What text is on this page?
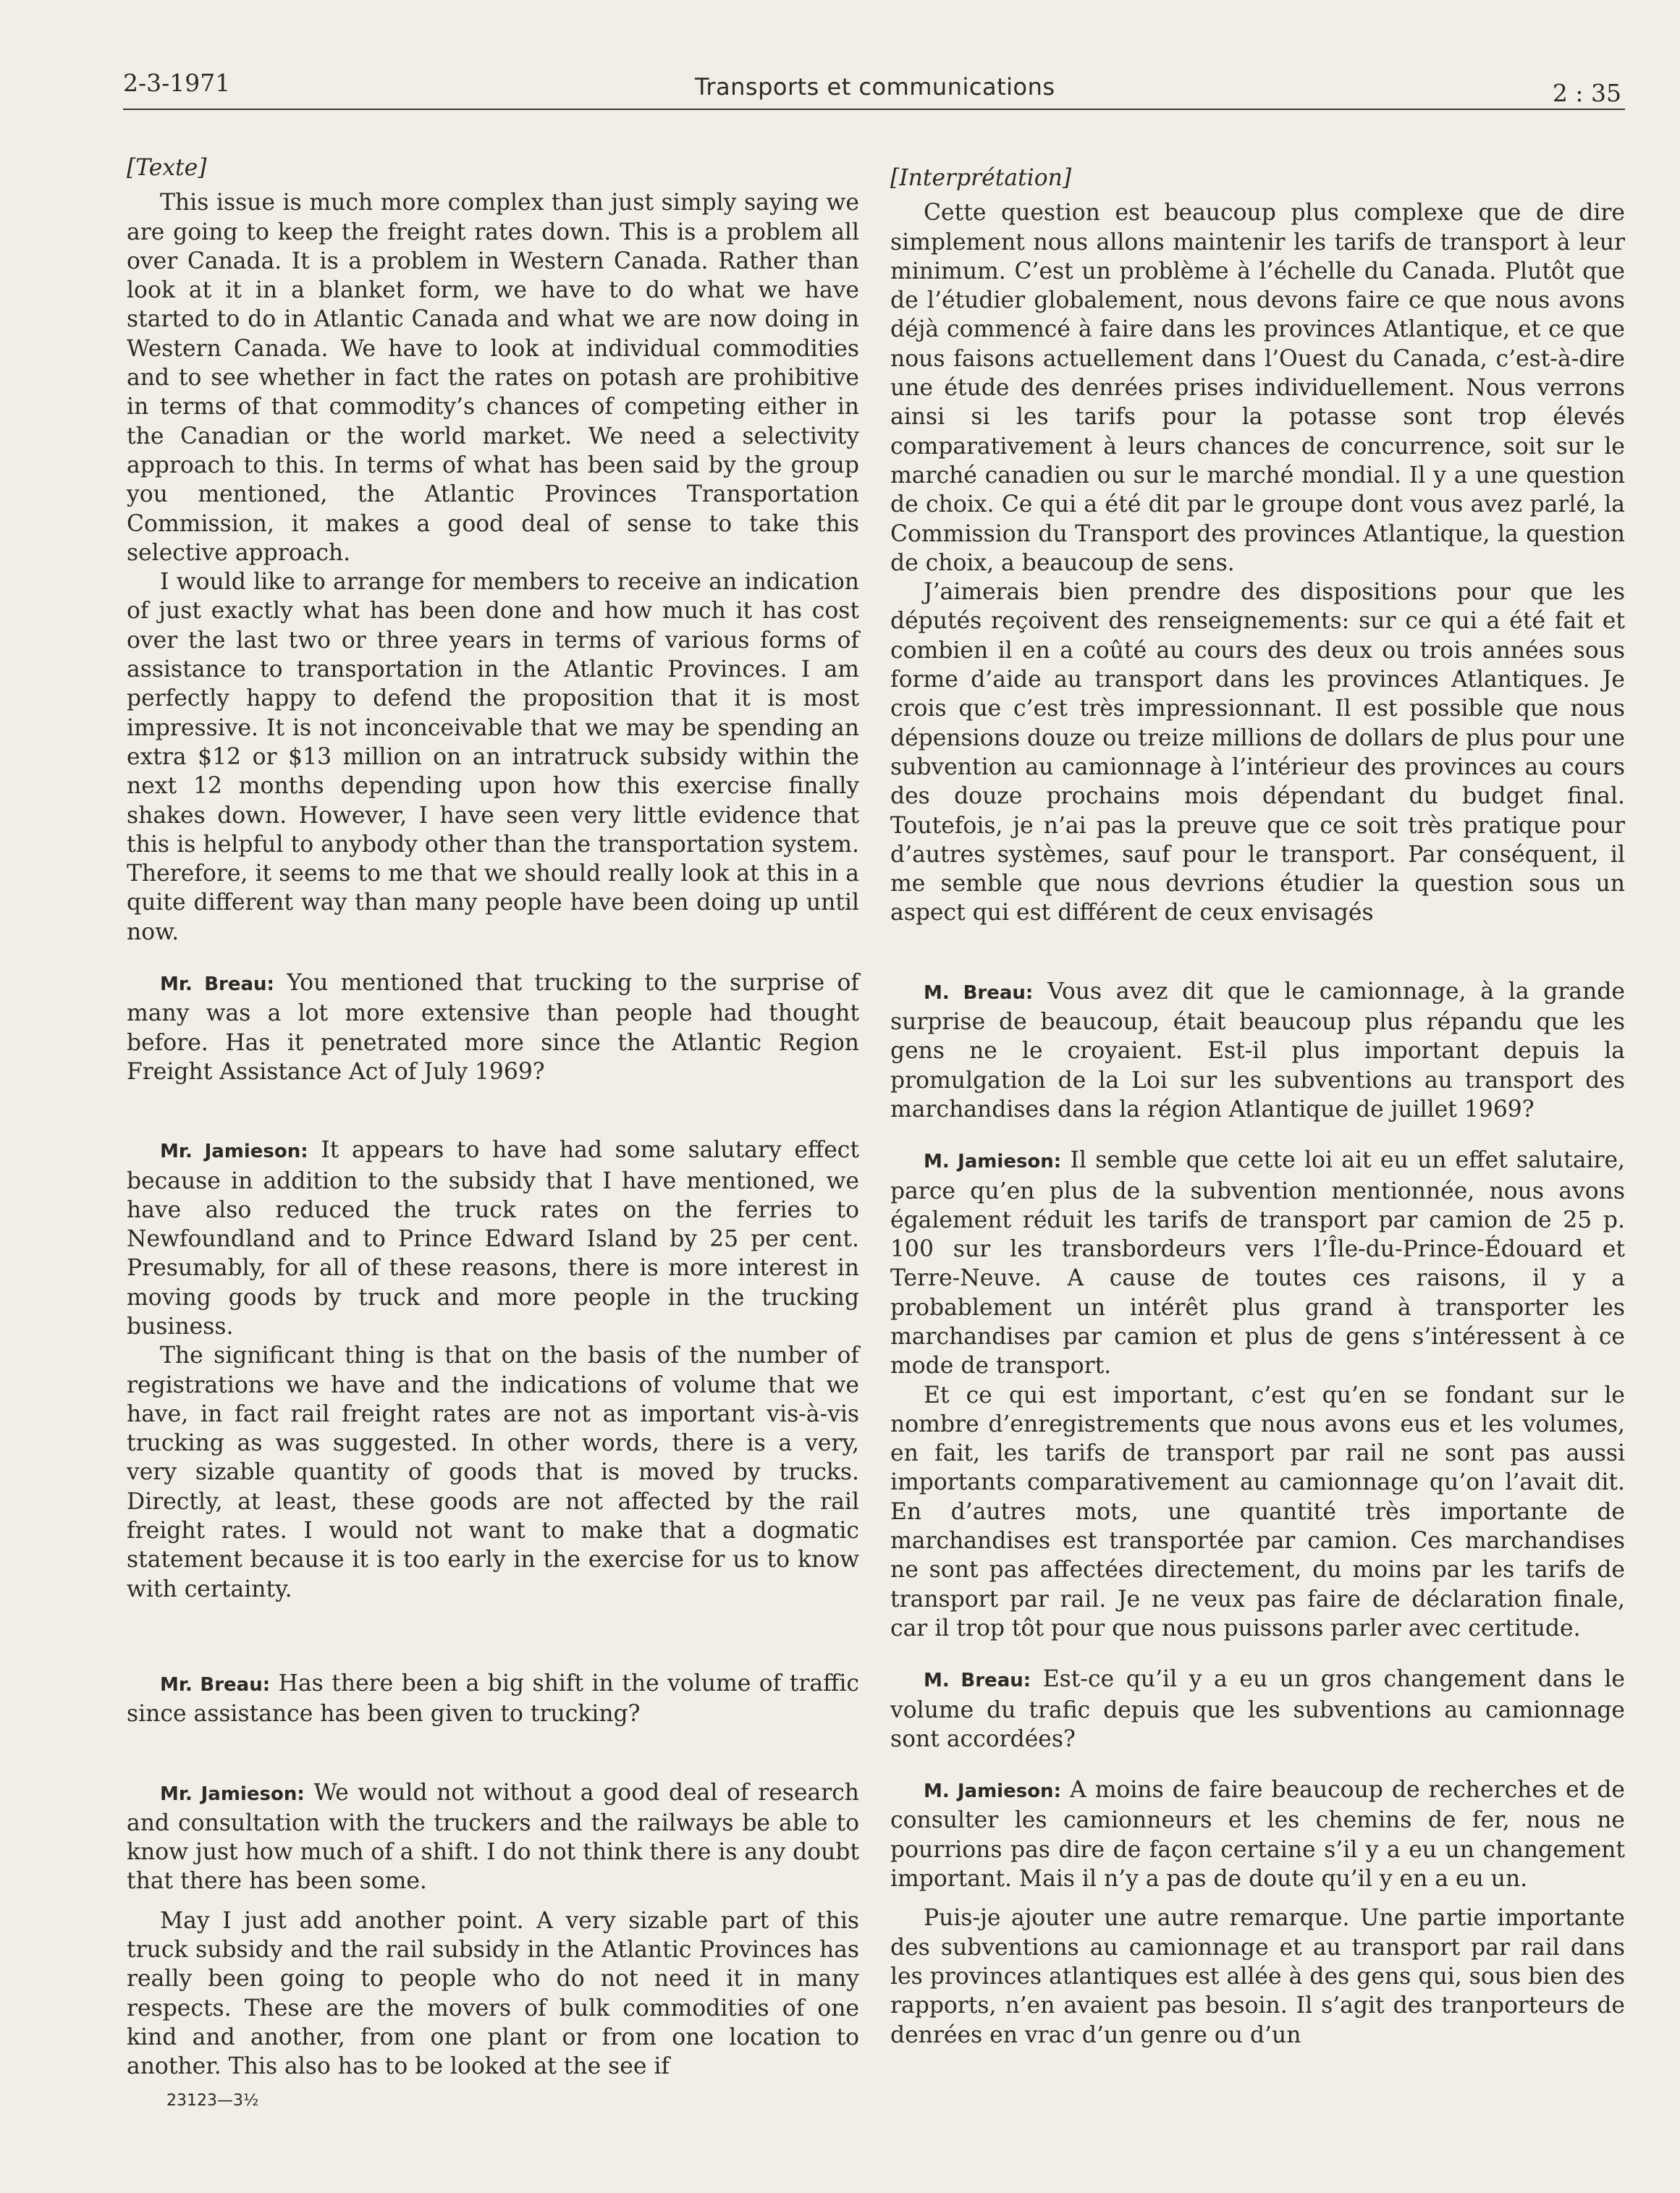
2-3-1971	Transports et communications	2 : 35

[Texte]

This issue is much more complex than just simply saying we are going to keep the freight rates down. This is a problem all over Canada. It is a problem in Western Canada. Rather than look at it in a blanket form, we have to do what we have started to do in Atlantic Canada and what we are now doing in Western Canada. We have to look at individual commodities and to see whether in fact the rates on potash are prohibitive in terms of that commodity’s chances of competing either in the Canadian or the world market. We need a selectivity approach to this. In terms of what has been said by the group you mentioned, the Atlantic Provinces Transportation Commission, it makes a good deal of sense to take this selective approach.

I would like to arrange for members to receive an indication of just exactly what has been done and how much it has cost over the last two or three years in terms of various forms of assistance to transportation in the Atlantic Provinces. I am perfectly happy to defend the proposition that it is most impressive. It is not inconceivable that we may be spending an extra $12 or $13 million on an intratruck subsidy within the next 12 months depending upon how this exercise finally shakes down. However, I have seen very little evidence that this is helpful to anybody other than the transportation system. Therefore, it seems to me that we should really look at this in a quite different way than many people have been doing up until now.

Mr. Breau: You mentioned that trucking to the surprise of many was a lot more extensive than people had thought before. Has it penetrated more since the Atlantic Region Freight Assistance Act of July 1969?

Mr. Jamieson: It appears to have had some salutary effect because in addition to the subsidy that I have mentioned, we have also reduced the truck rates on the ferries to Newfoundland and to Prince Edward Island by 25 per cent. Presumably, for all of these reasons, there is more interest in moving goods by truck and more people in the trucking business.

The significant thing is that on the basis of the number of registrations we have and the indications of volume that we have, in fact rail freight rates are not as important vis-à-vis trucking as was suggested. In other words, there is a very, very sizable quantity of goods that is moved by trucks. Directly, at least, these goods are not affected by the rail freight rates. I would not want to make that a dogmatic statement because it is too early in the exercise for us to know with certainty.

Mr. Breau: Has there been a big shift in the volume of traffic since assistance has been given to trucking?

Mr. Jamieson: We would not without a good deal of research and consultation with the truckers and the railways be able to know just how much of a shift. I do not think there is any doubt that there has been some.

May I just add another point. A very sizable part of this truck subsidy and the rail subsidy in the Atlantic Provinces has really been going to people who do not need it in many respects. These are the movers of bulk commodities of one kind and another, from one plant or from one location to another. This also has to be looked at the see if

[Interprétation]

Cette question est beaucoup plus complexe que de dire simplement nous allons maintenir les tarifs de transport à leur minimum. C’est un problème à l’échelle du Canada. Plutôt que de l’étudier globalement, nous devons faire ce que nous avons déjà commencé à faire dans les provinces Atlantique, et ce que nous faisons actuellement dans l’Ouest du Canada, c’est-à-dire une étude des denrées prises individuellement. Nous verrons ainsi si les tarifs pour la potasse sont trop élevés comparativement à leurs chances de concurrence, soit sur le marché canadien ou sur le marché mondial. Il y a une question de choix. Ce qui a été dit par le groupe dont vous avez parlé, la Commission du Transport des provinces Atlantique, la question de choix, a beaucoup de sens.

J’aimerais bien prendre des dispositions pour que les députés reçoivent des renseignements: sur ce qui a été fait et combien il en a coûté au cours des deux ou trois années sous forme d’aide au transport dans les provinces Atlantiques. Je crois que c’est très impressionnant. Il est possible que nous dépensions douze ou treize millions de dollars de plus pour une subvention au camionnage à l’intérieur des provinces au cours des douze prochains mois dépendant du budget final. Toutefois, je n’ai pas la preuve que ce soit très pratique pour d’autres systèmes, sauf pour le transport. Par conséquent, il me semble que nous devrions étudier la question sous un aspect qui est différent de ceux envisagés

M. Breau: Vous avez dit que le camionnage, à la grande surprise de beaucoup, était beaucoup plus répandu que les gens ne le croyaient. Est-il plus important depuis la promulgation de la Loi sur les subventions au transport des marchandises dans la région Atlantique de juillet 1969?

M. Jamieson: Il semble que cette loi ait eu un effet salutaire, parce qu’en plus de la subvention mentionnée, nous avons également réduit les tarifs de transport par camion de 25 p. 100 sur les transbordeurs vers l’Île-du-Prince-Édouard et Terre-Neuve. A cause de toutes ces raisons, il y a probablement un intérêt plus grand à transporter les marchandises par camion et plus de gens s’intéressent à ce mode de transport.

Et ce qui est important, c’est qu’en se fondant sur le nombre d’enregistrements que nous avons eus et les volumes, en fait, les tarifs de transport par rail ne sont pas aussi importants comparativement au camionnage qu’on l’avait dit. En d’autres mots, une quantité très importante de marchandises est transportée par camion. Ces marchandises ne sont pas affectées directement, du moins par les tarifs de transport par rail. Je ne veux pas faire de déclaration finale, car il trop tôt pour que nous puissons parler avec certitude.

M. Breau: Est-ce qu’il y a eu un gros changement dans le volume du trafic depuis que les subventions au camionnage sont accordées?

M. Jamieson: A moins de faire beaucoup de recherches et de consulter les camionneurs et les chemins de fer, nous ne pourrions pas dire de façon certaine s’il y a eu un changement important. Mais il n’y a pas de doute qu’il y en a eu un.

Puis-je ajouter une autre remarque. Une partie importante des subventions au camionnage et au transport par rail dans les provinces atlantiques est allée à des gens qui, sous bien des rapports, n’en avaient pas besoin. Il s’agit des tranporteurs de denrées en vrac d’un genre ou d’un

23123—3½
